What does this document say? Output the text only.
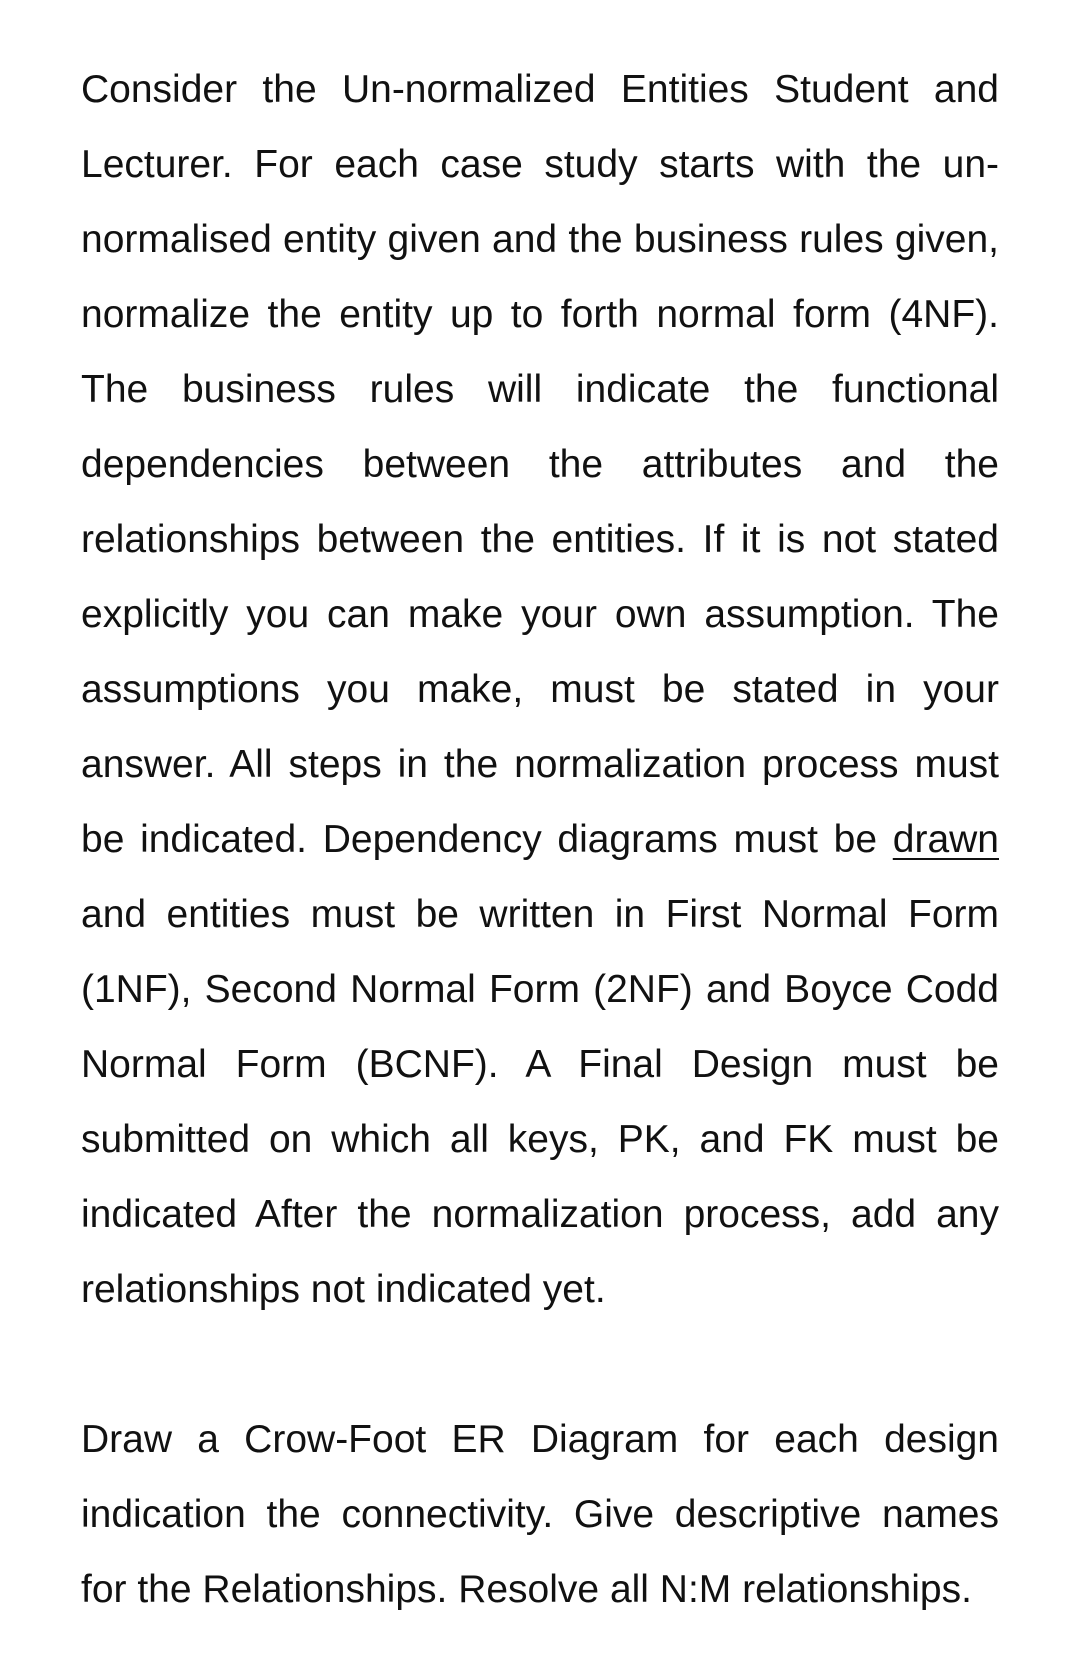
Consider the Un-normalized Entities Student and Lecturer. For each case study starts with the un-normalised entity given and the business rules given, normalize the entity up to forth normal form (4NF). The business rules will indicate the functional dependencies between the attributes and the relationships between the entities. If it is not stated explicitly you can make your own assumption. The assumptions you make, must be stated in your answer. All steps in the normalization process must be indicated. Dependency diagrams must be drawn and entities must be written in First Normal Form (1NF), Second Normal Form (2NF) and Boyce Codd Normal Form (BCNF). A Final Design must be submitted on which all keys, PK, and FK must be indicated After the normalization process, add any relationships not indicated yet.

Draw a Crow-Foot ER Diagram for each design indication the connectivity. Give descriptive names for the Relationships. Resolve all N:M relationships.
